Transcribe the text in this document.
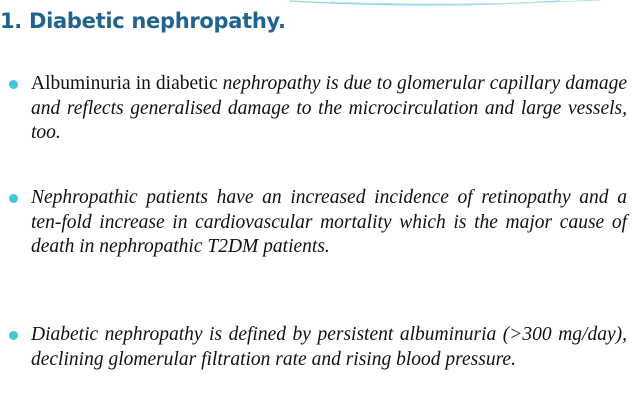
1. Diabetic nephropathy.
Albuminuria in diabetic nephropathy is due to glomerular capillary damage and reflects generalised damage to the microcirculation and large vessels, too.
Nephropathic patients have an increased incidence of retinopathy and a ten-fold increase in cardiovascular mortality which is the major cause of death in nephropathic T2DM patients.
Diabetic nephropathy is defined by persistent albuminuria (>300 mg/day), declining glomerular filtration rate and rising blood pressure.
